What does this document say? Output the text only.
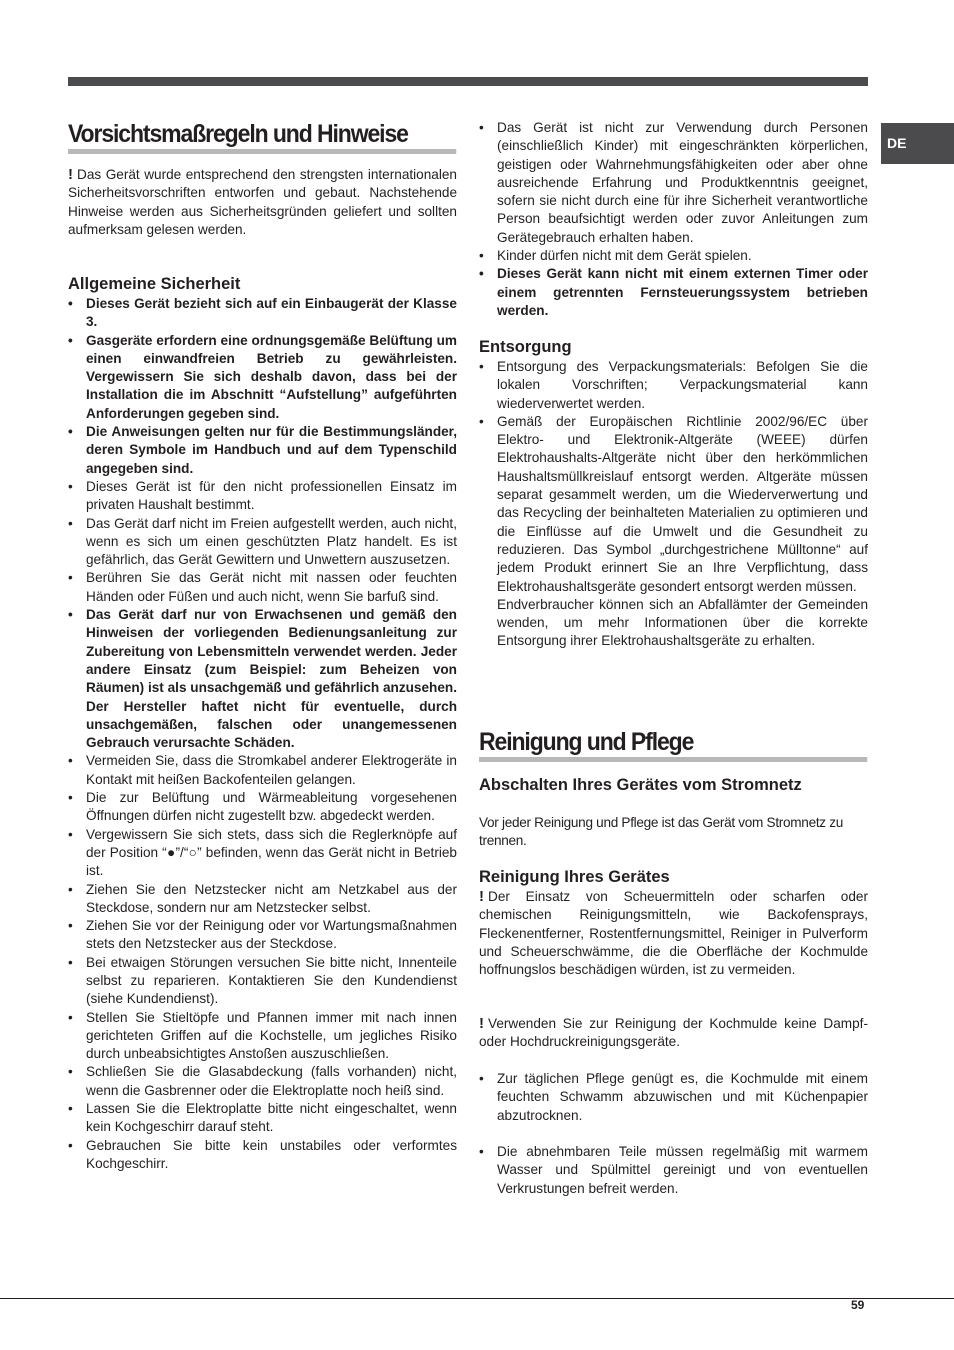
DE
Vorsichtsmaßregeln und Hinweise

! Das Gerät wurde entsprechend den strengsten internationalen Sicherheitsvorschriften entworfen und gebaut. Nachstehende Hinweise werden aus Sicherheitsgründen geliefert und sollten aufmerksam gelesen werden.

Allgemeine Sicherheit
• Dieses Gerät bezieht sich auf ein Einbaugerät der Klasse 3.
• Gasgeräte erfordern eine ordnungsgemäße Belüftung um einen einwandfreien Betrieb zu gewährleisten. Vergewissern Sie sich deshalb davon, dass bei der Installation die im Abschnitt “Aufstellung” aufgeführten Anforderungen gegeben sind.
• Die Anweisungen gelten nur für die Bestimmungsländer, deren Symbole im Handbuch und auf dem Typenschild angegeben sind.
• Dieses Gerät ist für den nicht professionellen Einsatz im privaten Haushalt bestimmt.
• Das Gerät darf nicht im Freien aufgestellt werden, auch nicht, wenn es sich um einen geschützten Platz handelt. Es ist gefährlich, das Gerät Gewittern und Unwettern auszusetzen.
• Berühren Sie das Gerät nicht mit nassen oder feuchten Händen oder Füßen und auch nicht, wenn Sie barfuß sind.
• Das Gerät darf nur von Erwachsenen und gemäß den Hinweisen der vorliegenden Bedienungsanleitung zur Zubereitung von Lebensmitteln verwendet werden. Jeder andere Einsatz (zum Beispiel: zum Beheizen von Räumen) ist als unsachgemäß und gefährlich anzusehen. Der Hersteller haftet nicht für eventuelle, durch unsachgemäßen, falschen oder unangemessenen Gebrauch verursachte Schäden.
• Vermeiden Sie, dass die Stromkabel anderer Elektrogeräte in Kontakt mit heißen Backofenteilen gelangen.
• Die zur Belüftung und Wärmeableitung vorgesehenen Öffnungen dürfen nicht zugestellt bzw. abgedeckt werden.
• Vergewissern Sie sich stets, dass sich die Reglerknöpfe auf der Position “●”/“○” befinden, wenn das Gerät nicht in Betrieb ist.
• Ziehen Sie den Netzstecker nicht am Netzkabel aus der Steckdose, sondern nur am Netzstecker selbst.
• Ziehen Sie vor der Reinigung oder vor Wartungsmaßnahmen stets den Netzstecker aus der Steckdose.
• Bei etwaigen Störungen versuchen Sie bitte nicht, Innenteile selbst zu reparieren. Kontaktieren Sie den Kundendienst (siehe Kundendienst).
• Stellen Sie Stieltöpfe und Pfannen immer mit nach innen gerichteten Griffen auf die Kochstelle, um jegliches Risiko durch unbeabsichtigtes Anstoßen auszuschließen.
• Schließen Sie die Glasabdeckung (falls vorhanden) nicht, wenn die Gasbrenner oder die Elektroplatte noch heiß sind.
• Lassen Sie die Elektroplatte bitte nicht eingeschaltet, wenn kein Kochgeschirr darauf steht.
• Gebrauchen Sie bitte kein unstabiles oder verformtes Kochgeschirr.
• Das Gerät ist nicht zur Verwendung durch Personen (einschließlich Kinder) mit eingeschränkten körperlichen, geistigen oder Wahrnehmungsfähigkeiten oder aber ohne ausreichende Erfahrung und Produktkenntnis geeignet, sofern sie nicht durch eine für ihre Sicherheit verantwortliche Person beaufsichtigt werden oder zuvor Anleitungen zum Gerätegebrauch erhalten haben.
• Kinder dürfen nicht mit dem Gerät spielen.
• Dieses Gerät kann nicht mit einem externen Timer oder einem getrennten Fernsteuerungssystem betrieben werden.
Entsorgung
• Entsorgung des Verpackungsmaterials: Befolgen Sie die lokalen Vorschriften; Verpackungsmaterial kann wiederverwertet werden.
• Gemäß der Europäischen Richtlinie 2002/96/EC über Elektro- und Elektronik-Altgeräte (WEEE) dürfen Elektrohaushalts-Altgeräte nicht über den herkömmlichen Haushaltsmüllkreislauf entsorgt werden. Altgeräte müssen separat gesammelt werden, um die Wiederverwertung und das Recycling der beinhalteten Materialien zu optimieren und die Einflüsse auf die Umwelt und die Gesundheit zu reduzieren. Das Symbol „durchgestrichene Mülltonne“ auf jedem Produkt erinnert Sie an Ihre Verpflichtung, dass Elektrohaushaltsgeräte gesondert entsorgt werden müssen.
Endverbraucher können sich an Abfallämter der Gemeinden wenden, um mehr Informationen über die korrekte Entsorgung ihrer Elektrohaushaltsgeräte zu erhalten.
Reinigung und Pflege
Abschalten Ihres Gerätes vom Stromnetz

Vor jeder Reinigung und Pflege ist das Gerät vom Stromnetz zu trennen.

Reinigung Ihres Gerätes

! Der Einsatz von Scheuermitteln oder scharfen oder chemischen Reinigungsmitteln, wie Backofensprays, Fleckenentferner, Rostentfernungsmittel, Reiniger in Pulverform und Scheuerschwämme, die die Oberfläche der Kochmulde hoffnungslos beschädigen würden, ist zu vermeiden.

! Verwenden Sie zur Reinigung der Kochmulde keine Dampf- oder Hochdruckreinigungsgeräte.

• Zur täglichen Pflege genügt es, die Kochmulde mit einem feuchten Schwamm abzuwischen und mit Küchenpapier abzutrocknen.
• Die abnehmbaren Teile müssen regelmäßig mit warmem Wasser und Spülmittel gereinigt und von eventuellen Verkrustungen befreit werden.
59
